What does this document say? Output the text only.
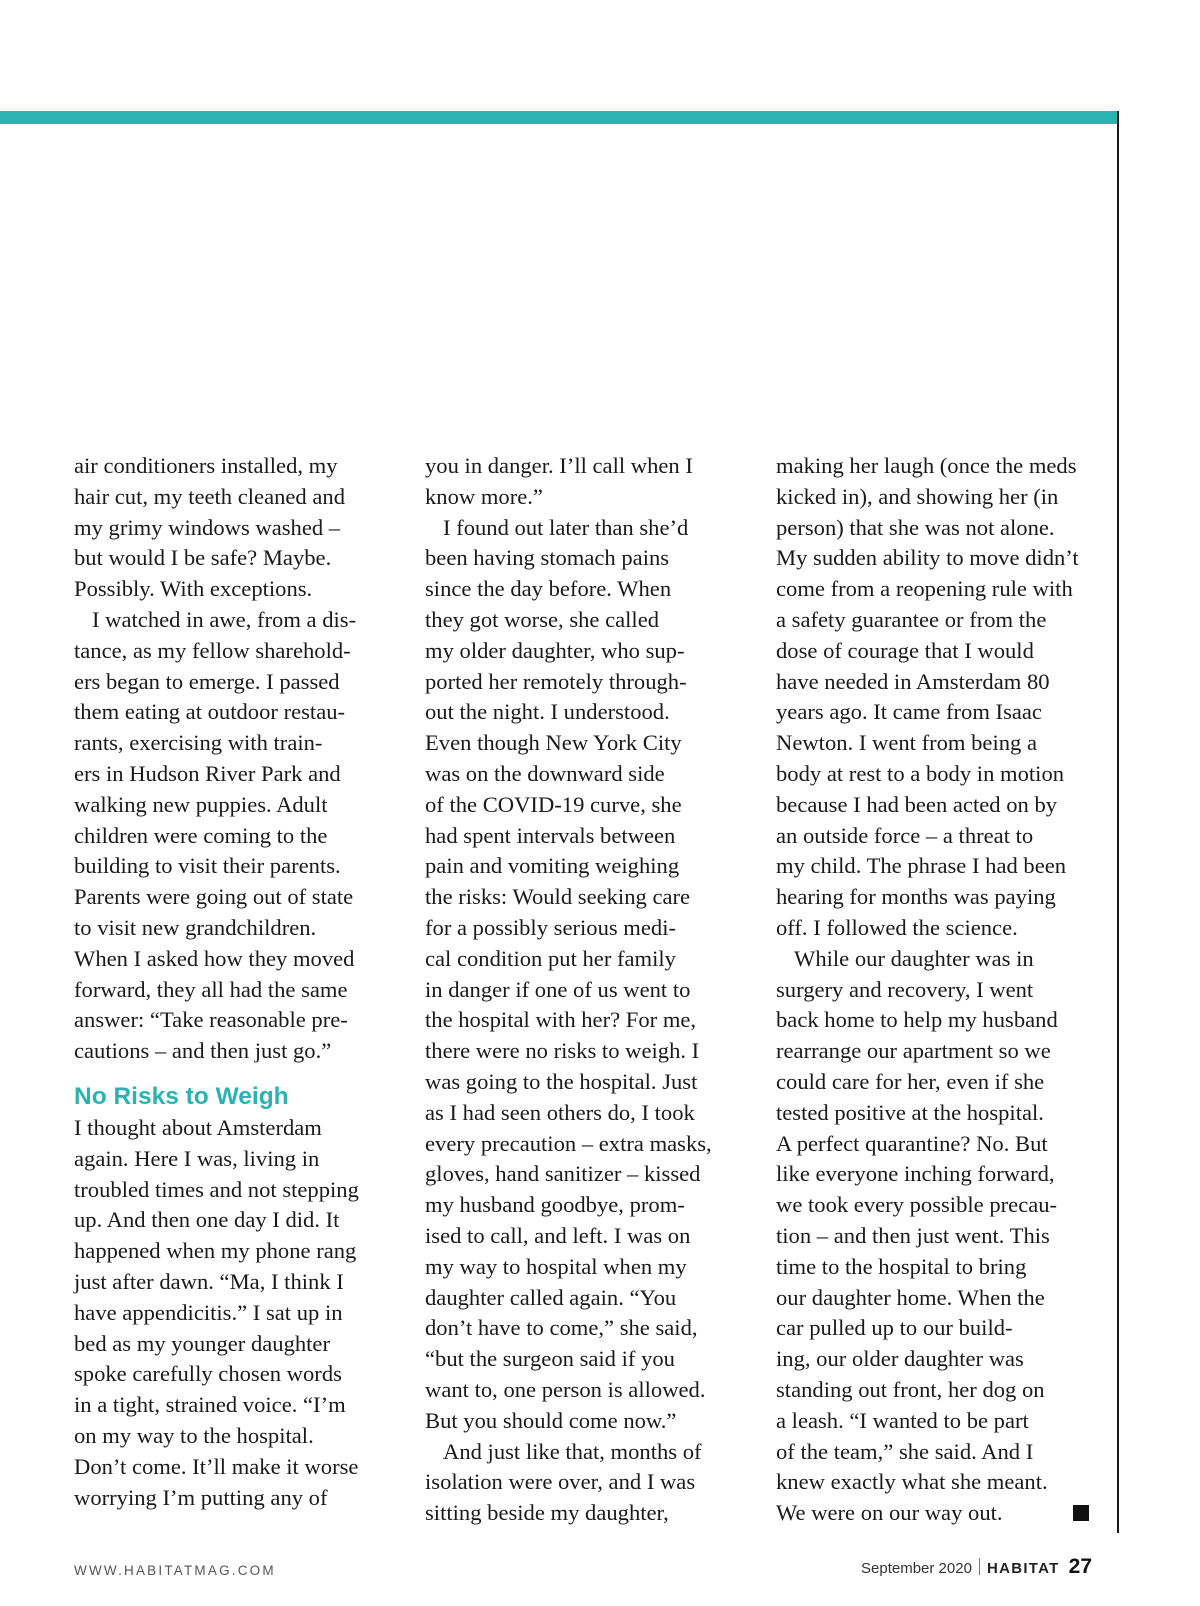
air conditioners installed, my
hair cut, my teeth cleaned and
my grimy windows washed –
but would I be safe? Maybe.
Possibly. With exceptions.
I watched in awe, from a dis-
tance, as my fellow sharehold-
ers began to emerge. I passed
them eating at outdoor restau-
rants, exercising with train-
ers in Hudson River Park and
walking new puppies. Adult
children were coming to the
building to visit their parents.
Parents were going out of state
to visit new grandchildren.
When I asked how they moved
forward, they all had the same
answer: “Take reasonable pre-
cautions – and then just go.”
No Risks to Weigh
I thought about Amsterdam
again. Here I was, living in
troubled times and not stepping
up. And then one day I did. It
happened when my phone rang
just after dawn. “Ma, I think I
have appendicitis.” I sat up in
bed as my younger daughter
spoke carefully chosen words
in a tight, strained voice. “I’m
on my way to the hospital.
Don’t come. It’ll make it worse
worrying I’m putting any of
you in danger. I’ll call when I
know more.”
I found out later than she’d
been having stomach pains
since the day before. When
they got worse, she called
my older daughter, who sup-
ported her remotely through-
out the night. I understood.
Even though New York City
was on the downward side
of the COVID-19 curve, she
had spent intervals between
pain and vomiting weighing
the risks: Would seeking care
for a possibly serious medi-
cal condition put her family
in danger if one of us went to
the hospital with her? For me,
there were no risks to weigh. I
was going to the hospital. Just
as I had seen others do, I took
every precaution – extra masks,
gloves, hand sanitizer – kissed
my husband goodbye, prom-
ised to call, and left. I was on
my way to hospital when my
daughter called again. “You
don’t have to come,” she said,
“but the surgeon said if you
want to, one person is allowed.
But you should come now.”
And just like that, months of
isolation were over, and I was
sitting beside my daughter,
making her laugh (once the meds
kicked in), and showing her (in
person) that she was not alone.
My sudden ability to move didn’t
come from a reopening rule with
a safety guarantee or from the
dose of courage that I would
have needed in Amsterdam 80
years ago. It came from Isaac
Newton. I went from being a
body at rest to a body in motion
because I had been acted on by
an outside force – a threat to
my child. The phrase I had been
hearing for months was paying
off. I followed the science.
While our daughter was in
surgery and recovery, I went
back home to help my husband
rearrange our apartment so we
could care for her, even if she
tested positive at the hospital.
A perfect quarantine? No. But
like everyone inching forward,
we took every possible precau-
tion – and then just went. This
time to the hospital to bring
our daughter home. When the
car pulled up to our build-
ing, our older daughter was
standing out front, her dog on
a leash. “I wanted to be part
of the team,” she said. And I
knew exactly what she meant.
We were on our way out.
WWW.HABITATMAG.COM	September 2020 HABITAT 27
